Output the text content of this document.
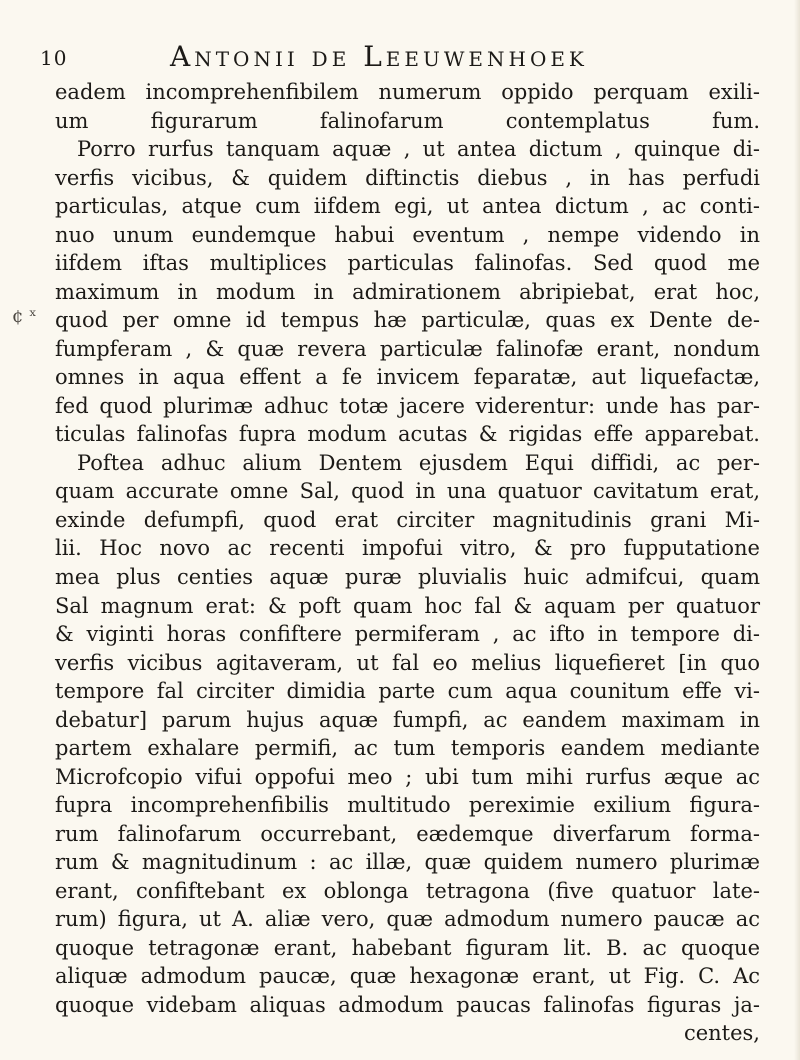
10	Antonii de Leeuwenhoek
¢ ˣ
eadem incomprehenfibilem numerum oppido perquam exili-
um figurarum falinofarum contemplatus fum.
Porro rurfus tanquam aquæ , ut antea dictum , quinque di-
verfis vicibus, & quidem diftinctis diebus , in has perfudi
particulas, atque cum iifdem egi, ut antea dictum , ac conti-
nuo unum eundemque habui eventum , nempe videndo in
iifdem iftas multiplices particulas falinofas. Sed quod me
maximum in modum in admirationem abripiebat, erat hoc,
quod per omne id tempus hæ particulæ, quas ex Dente de-
fumpferam , & quæ revera particulæ falinofæ erant, nondum
omnes in aqua effent a fe invicem feparatæ, aut liquefactæ,
fed quod plurimæ adhuc totæ jacere viderentur: unde has par-
ticulas falinofas fupra modum acutas & rigidas effe apparebat.
Poftea adhuc alium Dentem ejusdem Equi diffidi, ac per-
quam accurate omne Sal, quod in una quatuor cavitatum erat,
exinde defumpfi, quod erat circiter magnitudinis grani Mi-
lii. Hoc novo ac recenti impofui vitro, & pro fupputatione
mea plus centies aquæ puræ pluvialis huic admifcui, quam
Sal magnum erat: & poft quam hoc fal & aquam per quatuor
& viginti horas confiftere permiferam , ac ifto in tempore di-
verfis vicibus agitaveram, ut fal eo melius liquefieret [in quo
tempore fal circiter dimidia parte cum aqua counitum effe vi-
debatur] parum hujus aquæ fumpfi, ac eandem maximam in
partem exhalare permifi, ac tum temporis eandem mediante
Microfcopio vifui oppofui meo ; ubi tum mihi rurfus æque ac
fupra incomprehenfibilis multitudo pereximie exilium figura-
rum falinofarum occurrebant, eædemque diverfarum forma-
rum & magnitudinum : ac illæ, quæ quidem numero plurimæ
erant, confiftebant ex oblonga tetragona (five quatuor late-
rum) figura, ut A. aliæ vero, quæ admodum numero paucæ ac
quoque tetragonæ erant, habebant figuram lit. B. ac quoque
aliquæ admodum paucæ, quæ hexagonæ erant, ut Fig. C. Ac
quoque videbam aliquas admodum paucas falinofas figuras ja-
centes,
